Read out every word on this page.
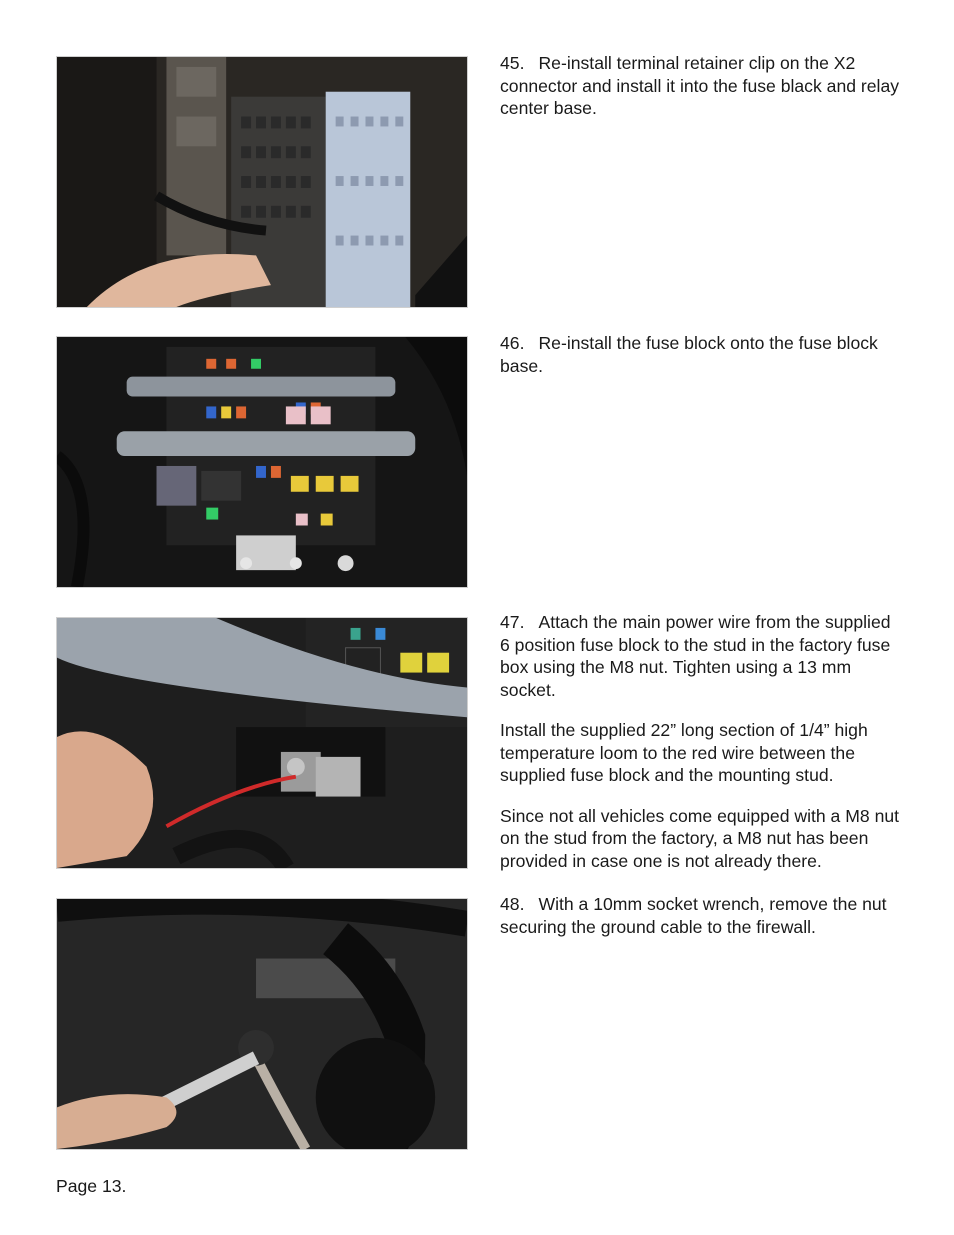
45. Re-install terminal retainer clip on the X2 connector and install it into the fuse black and relay center base.

46. Re-install the fuse block onto the fuse block base.

47. Attach the main power wire from the supplied 6 position fuse block to the stud in the factory fuse box using the M8 nut. Tighten using a 13 mm socket.

Install the supplied 22” long section of 1/4” high temperature loom to the red wire between the supplied fuse block and the mounting stud.

Since not all vehicles come equipped with a M8 nut on the stud from the factory, a M8 nut has been provided in case one is not already there.

48. With a 10mm socket wrench, remove the nut securing the ground cable to the firewall.

Page 13.
